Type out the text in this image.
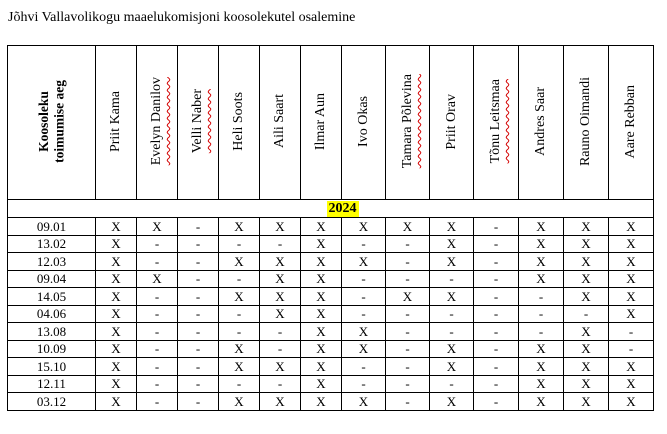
Jõhvi Vallavolikogu maaelukomisjoni koosolekutel osalemine
Koosoleku
toimumise aeg	Priit Kama	Evelyn Danilov	Velli Naber	Heli Soots	Aili Saart	Ilmar Aun	Ivo Okas	Tamara Põlevina	Priit Orav	Tõnu Leitsmaa	Andres Saar	Rauno Oimandi	Aare Rebban
2024													
09.01	X	X	-	X	X	X	X	X	X	-	X	X	X
13.02	X	-	-	-	-	X	-	-	X	-	X	X	X
12.03	X	-	-	X	X	X	X	-	X	-	X	X	X
09.04	X	X	-	-	X	X	-	-	-	-	X	X	X
14.05	X	-	-	X	X	X	-	X	X	-	-	X	X
04.06	X	-	-	-	X	X	-	-	-	-	-	-	X
13.08	X	-	-	-	-	X	X	-	-	-	-	X	-
10.09	X	-	-	X	-	X	X	-	X	-	X	X	-
15.10	X	-	-	X	X	X	-	-	X	-	X	X	X
12.11	X	-	-	-	-	X	-	-	-	-	X	X	X
03.12	X	-	-	X	X	X	X	-	X	-	X	X	X
